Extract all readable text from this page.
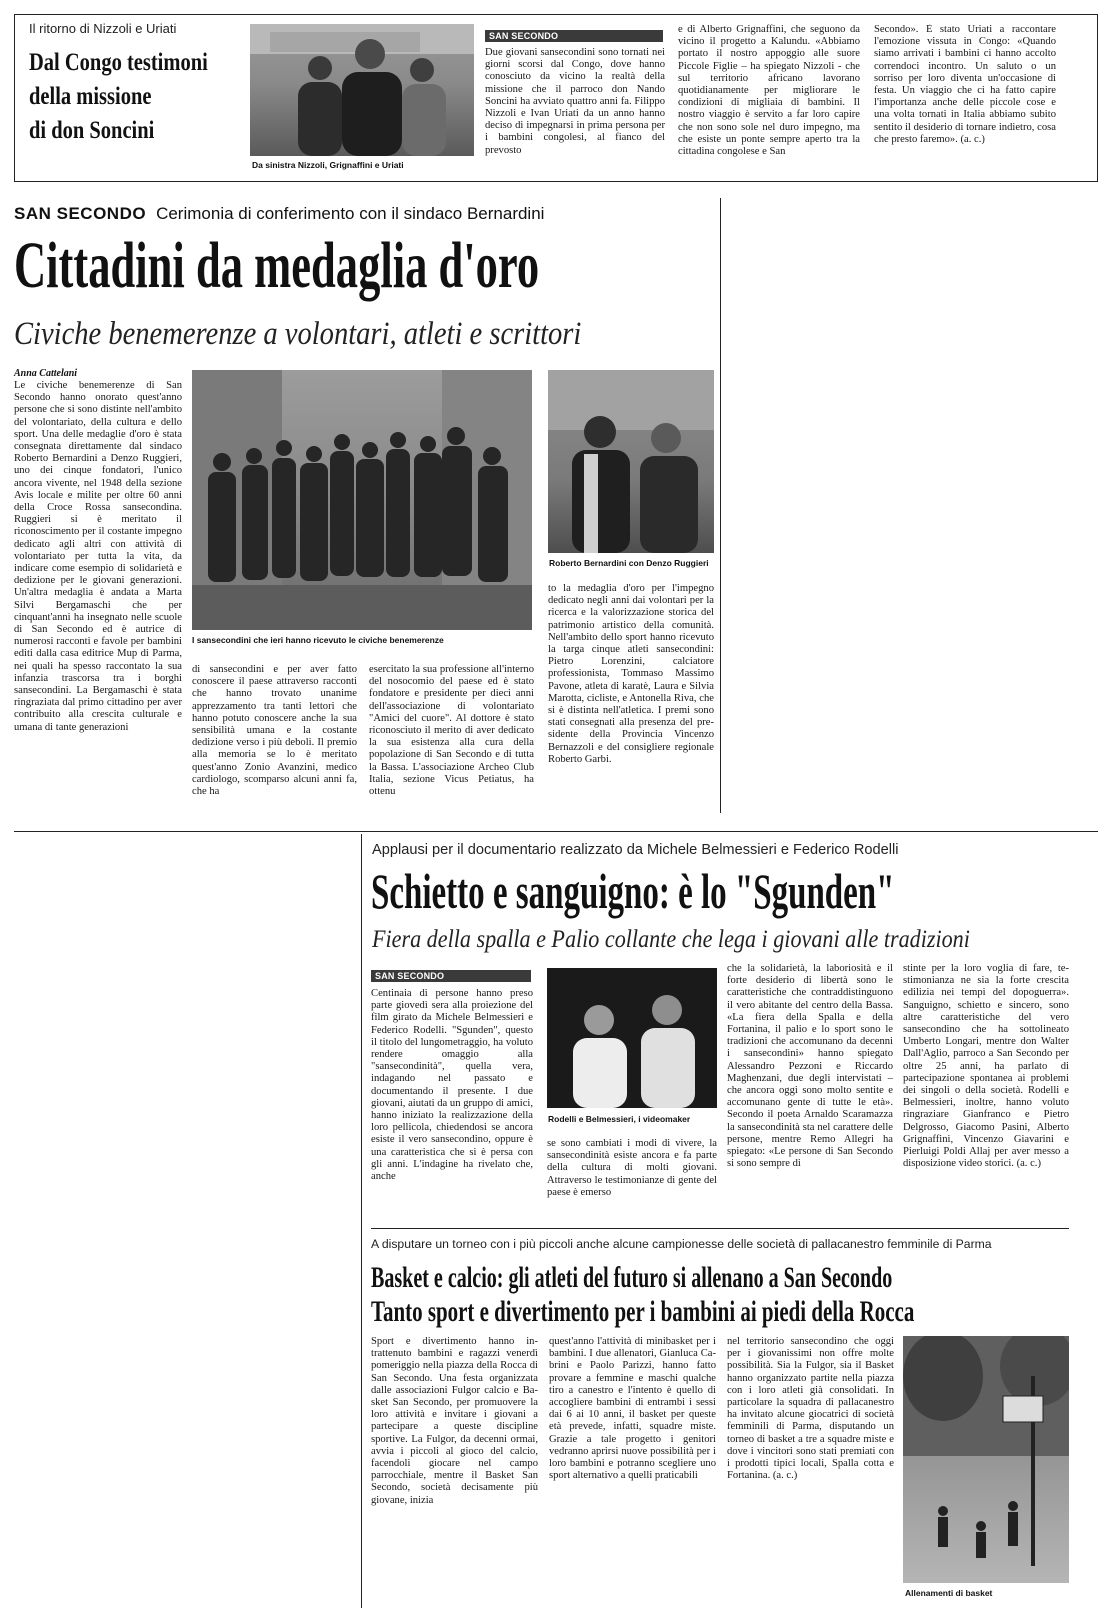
Il ritorno di Nizzoli e Uriati
Dal Congo testimoni
della missione
di don Soncini
Da sinistra Nizzoli, Grignaffini e Uriati
SAN SECONDO
Due giovani sansecondini sono tornati nei giorni scorsi dal Congo, dove hanno conosciuto da vicino la realtà della missione che il parroco don Nando Soncini ha avviato quattro anni fa. Filippo Nizzoli e Ivan Uriati da un anno hanno deciso di impegnarsi in prima persona per i bambini congolesi, al fianco del prevosto
e di Alberto Grignaffini, che seguono da vicino il progetto a Kalundu. «Abbiamo portato il nostro appoggio alle suore Piccole Figlie – ha spiegato Nizzoli - che sul territorio africano lavorano quotidianamente per migliorare le condizioni di migliaia di bambini. Il nostro viaggio è servito a far loro capire che non sono sole nel duro impegno, ma che esiste un ponte sempre aperto tra la cittadina congolese e San
Secondo». È stato Uriati a raccontare l'emozione vissuta in Congo: «Quando siamo arrivati i bambini ci hanno accolto correndoci incontro. Un saluto o un sorriso per loro diventa un'occasione di festa. Un viaggio che ci ha fatto capire l'importanza anche delle piccole cose e una volta tornati in Italia abbiamo subito sentito il desiderio di tornare indietro, cosa che presto faremo». (a. c.)
SAN SECONDO Cerimonia di conferimento con il sindaco Bernardini
Cittadini da medaglia d'oro
Civiche benemerenze a volontari, atleti e scrittori
Anna Cattelani
Le civiche benemerenze di San Secondo hanno onorato quest'anno persone che si sono distinte nell'ambito del volontariato, della cultura e dello sport. Una delle medaglie d'oro è stata consegnata direttamente dal sindaco Roberto Bernardini a Denzo Ruggieri, uno dei cinque fondatori, l'unico ancora vivente, nel 1948 della sezione Avis locale e milite per oltre 60 anni della Croce Rossa sansecondina. Ruggieri si è meritato il riconoscimento per il costante impegno dedicato agli altri con attività di volontariato per tutta la vita, da indicare come esempio di solidarietà e dedizione per le giovani generazioni. Un'altra medaglia è andata a Marta Silvi Bergamaschi che per cinquant'anni ha insegnato nelle scuole di San Secondo ed è autrice di numerosi racconti e favole per bambini editi dalla casa editrice Mup di Parma, nei quali ha spesso raccontato la sua infanzia trascorsa tra i borghi sansecondini. La Bergamaschi è stata ringraziata dal primo cittadino per aver contribuito alla crescita culturale e umana di tante generazioni
I sansecondini che ieri hanno ricevuto le civiche benemerenze
Roberto Bernardini con Denzo Ruggieri
di sansecondini e per aver fatto conoscere il paese attraverso racconti che hanno trovato unanime apprezzamento tra tanti lettori che hanno potuto conoscere anche la sua sensibilità umana e la costante dedizione verso i più deboli. Il premio alla memoria se lo è meritato quest'anno Zonio Avanzini, medico cardiologo, scomparso alcuni anni fa, che ha
esercitato la sua professione all'interno del nosocomio del paese ed è stato fondatore e presidente per dieci anni dell'associazione di volontariato "Amici del cuore". Al dottore è stato riconosciuto il merito di aver dedicato la sua esistenza alla cura della popolazione di San Secondo e di tutta la Bassa. L'associazione Archeo Club Italia, sezione Vicus Petiatus, ha ottenu
to la medaglia d'oro per l'impegno dedicato negli anni dai volontari per la ricerca e la valorizzazione storica del patrimonio artistico della comunità. Nell'ambito dello sport hanno ricevuto la targa cinque atleti sansecondini: Pietro Lorenzini, calciatore professionista, Tommaso Massimo Pavone, atleta di karatè, Laura e Silvia Marotta, cicliste, e Antonella Riva, che si è distinta nell'atletica. I premi sono stati consegnati alla presenza del presidente della Provincia Vincenzo Bernazzoli e del consigliere regionale Roberto Garbi.
Applausi per il documentario realizzato da Michele Belmessieri e Federico Rodelli
Schietto e sanguigno: è lo "Sgunden"
Fiera della spalla e Palio collante che lega i giovani alle tradizioni
SAN SECONDO
Centinaia di persone hanno preso parte giovedì sera alla proiezione del film girato da Michele Belmessieri e Federico Rodelli. "Sgunden", questo il titolo del lungometraggio, ha voluto rendere omaggio alla "sansecondinità", quella vera, indagando nel passato e documentando il presente. I due giovani, aiutati da un gruppo di amici, hanno iniziato la realizzazione della loro pellicola, chiedendosi se ancora esiste il vero sansecondino, oppure è una caratteristica che si è persa con gli anni. L'indagine ha rivelato che, anche
Rodelli e Belmessieri, i videomaker
se sono cambiati i modi di vivere, la sansecondinità esiste ancora e fa parte della cultura di molti giovani. Attraverso le testimonianze di gente del paese è emerso
che la solidarietà, la laboriosità e il forte desiderio di libertà sono le caratteristiche che contraddistinguono il vero abitante del centro della Bassa. «La fiera della Spalla e della Fortanina, il palio e lo sport sono le tradizioni che accomunano da decenni i sansecondini» hanno spiegato Alessandro Pezzoni e Riccardo Maghenzani, due degli intervistati – che ancora oggi sono molto sentite e accomunano gente di tutte le età». Secondo il poeta Arnaldo Scaramazza la sansecondinità sta nel carattere delle persone, mentre Remo Allegri ha spiegato: «Le persone di San Secondo si sono sempre di
stinte per la loro voglia di fare, testimonianza ne sia la forte crescita edilizia nei tempi del dopoguerra». Sanguigno, schietto e sincero, sono altre caratteristiche del vero sansecondino che ha sottolineato Umberto Longari, mentre don Walter Dall'Aglio, parroco a San Secondo per oltre 25 anni, ha parlato di partecipazione spontanea ai problemi dei singoli o della società. Rodelli e Belmessieri, inoltre, hanno voluto ringraziare Gianfranco e Pietro Delgrosso, Giacomo Pasini, Alberto Grignaffini, Vincenzo Giavarini e Pierluigi Poldi Allaj per aver messo a disposizione video storici. (a. c.)
A disputare un torneo con i più piccoli anche alcune campionesse delle società di pallacanestro femminile di Parma
Basket e calcio: gli atleti del futuro si allenano a San Secondo
Tanto sport e divertimento per i bambini ai piedi della Rocca
Sport e divertimento hanno intrattenuto bambini e ragazzi venerdì pomeriggio nella piazza della Rocca di San Secondo. Una festa organizzata dalle associazioni Fulgor calcio e Basket San Secondo, per promuovere la loro attività e invitare i giovani a partecipare a queste discipline sportive. La Fulgor, da decenni ormai, avvia i piccoli al gioco del calcio, facendoli giocare nel campo parrocchiale, mentre il Basket San Secondo, società decisamente più giovane, inizia
quest'anno l'attività di minibasket per i bambini. I due allenatori, Gianluca Cabrini e Paolo Parizzi, hanno fatto provare a femmine e maschi qualche tiro a canestro e l'intento è quello di accogliere bambini di entrambi i sessi dai 6 ai 10 anni, il basket per queste età prevede, infatti, squadre miste. Grazie a tale progetto i genitori vedranno aprirsi nuove possibilità per i loro bambini e potranno scegliere uno sport alternativo a quelli praticabili
nel territorio sansecondino che oggi per i giovanissimi non offre molte possibilità. Sia la Fulgor, sia il Basket hanno organizzato partite nella piazza con i loro atleti già consolidati. In particolare la squadra di pallacanestro ha invitato alcune giocatrici di società femminili di Parma, disputando un torneo di basket a tre a squadre miste e dove i vincitori sono stati premiati con i prodotti tipici locali, Spalla cotta e Fortanina. (a. c.)
Allenamenti di basket
